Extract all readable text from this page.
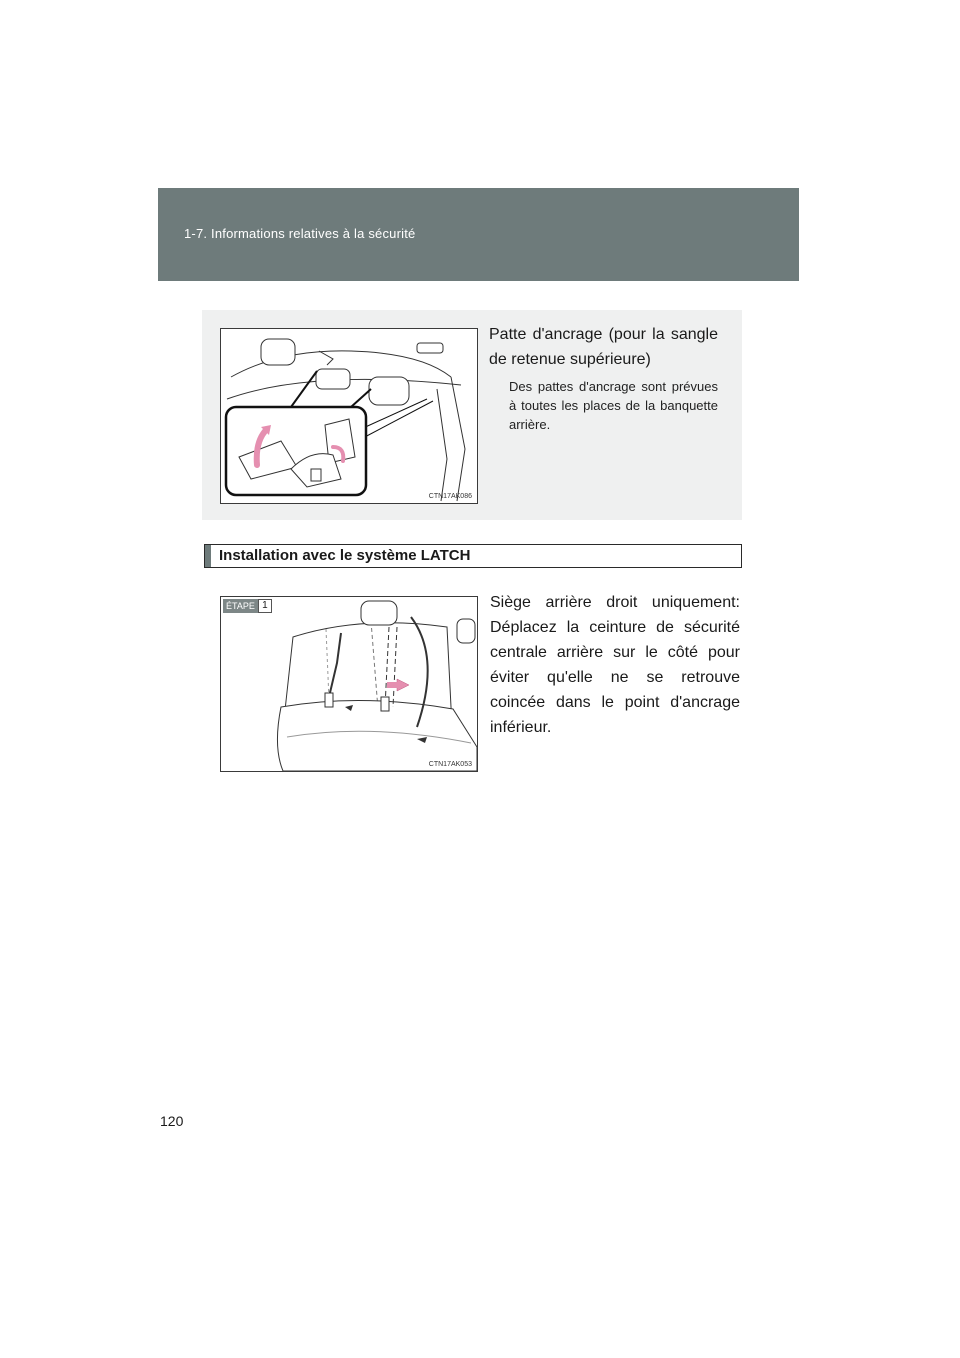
1-7. Informations relatives à la sécurité
CTN17AK086
Patte d'ancrage (pour la sangle de retenue supérieure)
Des pattes d'ancrage sont prévues à toutes les places de la banquette arrière.
Installation avec le système LATCH
ÉTAPE 1
CTN17AK053
Siège arrière droit uniquement: Déplacez la ceinture de sécurité centrale arrière sur le côté pour éviter qu'elle ne se retrouve coincée dans le point d'ancrage inférieur.
120
